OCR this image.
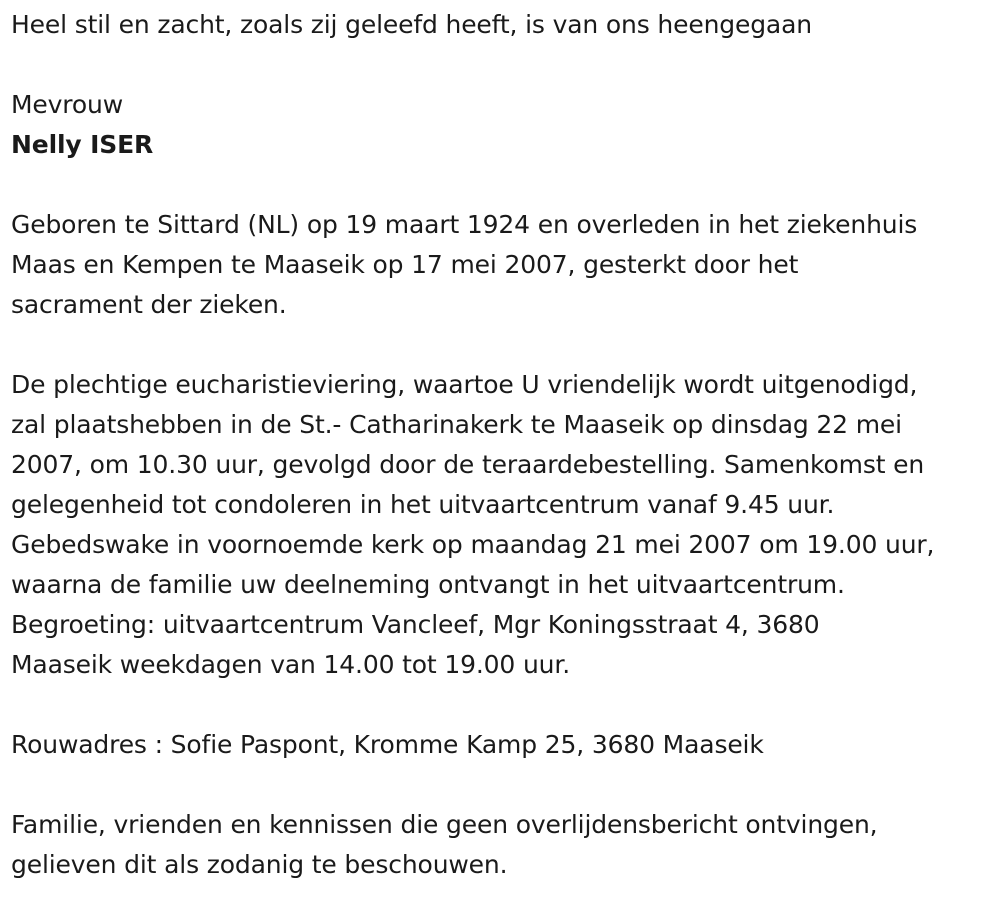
Heel stil en zacht, zoals zij geleefd heeft, is van ons heengegaan
Mevrouw
Nelly ISER
Geboren te Sittard (NL) op 19 maart 1924 en overleden in het ziekenhuis
Maas en Kempen te Maaseik op 17 mei 2007, gesterkt door het
sacrament der zieken.
De plechtige eucharistieviering, waartoe U vriendelijk wordt uitgenodigd,
zal plaatshebben in de St.- Catharinakerk te Maaseik op dinsdag 22 mei
2007, om 10.30 uur, gevolgd door de teraardebestelling. Samenkomst en
gelegenheid tot condoleren in het uitvaartcentrum vanaf 9.45 uur.
Gebedswake in voornoemde kerk op maandag 21 mei 2007 om 19.00 uur,
waarna de familie uw deelneming ontvangt in het uitvaartcentrum.
Begroeting: uitvaartcentrum Vancleef, Mgr Koningsstraat 4, 3680
Maaseik weekdagen van 14.00 tot 19.00 uur.
Rouwadres : Sofie Paspont, Kromme Kamp 25, 3680 Maaseik
Familie, vrienden en kennissen die geen overlijdensbericht ontvingen,
gelieven dit als zodanig te beschouwen.
